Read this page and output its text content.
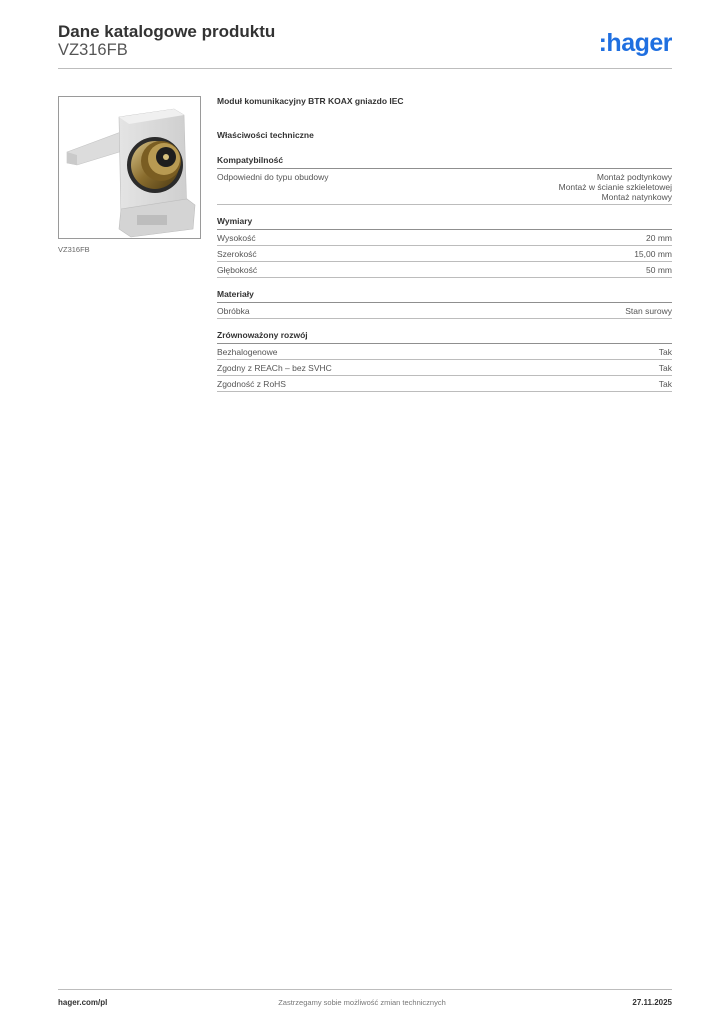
Dane katalogowe produktu
VZ316FB	:hager
VZ316FB
Moduł komunikacyjny BTR KOAX gniazdo IEC
Właściwości techniczne
Kompatybilność
Odpowiedni do typu obudowy	Montaż podtynkowy
Montaż w ścianie szkieletowej
Montaż natynkowy
Wymiary
Wysokość	20 mm
Szerokość	15,00 mm
Głębokość	50 mm
Materiały
Obróbka	Stan surowy
Zrównoważony rozwój
Bezhalogenowe	Tak
Zgodny z REACh – bez SVHC	Tak
Zgodność z RoHS	Tak
hager.com/pl	Zastrzegamy sobie możliwość zmian technicznych	27.11.2025
